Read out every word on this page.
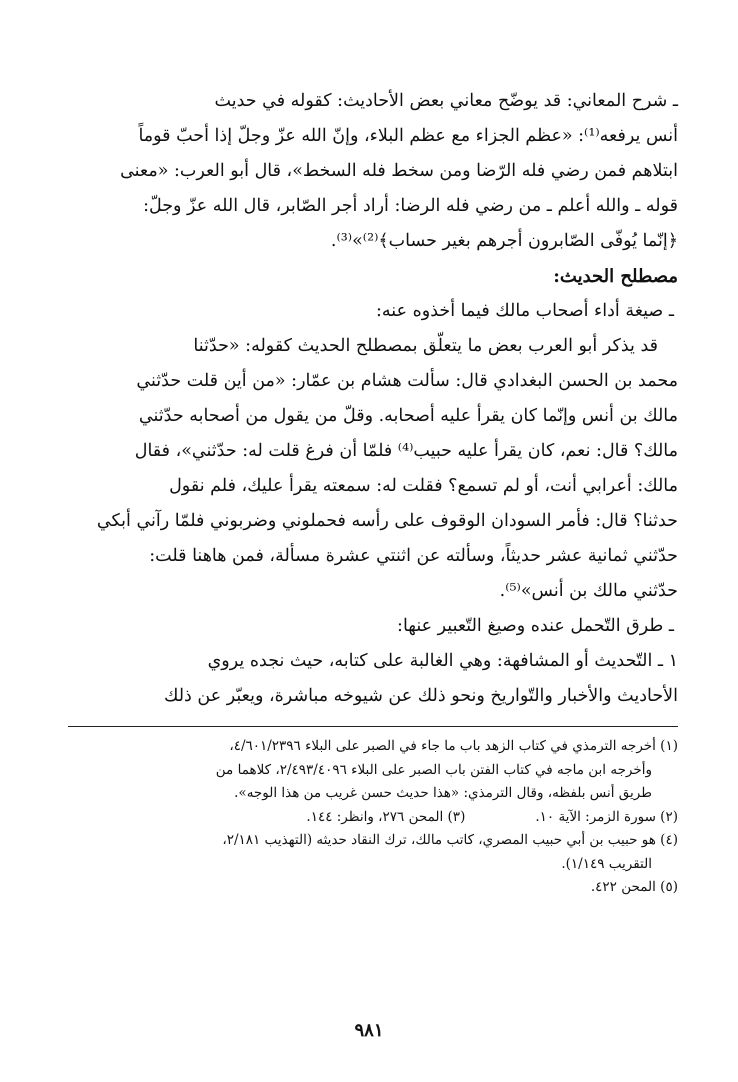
ـ شرح المعاني: قد يوضّح معاني بعض الأحاديث: كقوله في حديث

أنس يرفعه⁽¹⁾: «عظم الجزاء مع عظم البلاء، وإنّ الله عزّ وجلّ إذا أحبّ قوماً

ابتلاهم فمن رضي فله الرّضا ومن سخط فله السخط»، قال أبو العرب: «معنى

قوله ـ والله أعلم ـ من رضي فله الرضا: أراد أجر الصّابر، قال الله عزّ وجلّ:

﴿إنّما يُوفّى الصّابرون أجرهم بغير حساب﴾⁽²⁾»⁽³⁾.

مصطلح الحديث:

ـ صيغة أداء أصحاب مالك فيما أخذوه عنه:

قد يذكر أبو العرب بعض ما يتعلّق بمصطلح الحديث كقوله: «حدّثنا

محمد بن الحسن البغدادي قال: سألت هشام بن عمّار: «من أين قلت حدّثني

مالك بن أنس وإنّما كان يقرأ عليه أصحابه. وقلّ من يقول من أصحابه حدّثني

مالك؟ قال: نعم، كان يقرأ عليه حبيب⁽⁴⁾ فلمّا أن فرغ قلت له: حدّثني»، فقال

مالك: أعرابي أنت، أو لم تسمع؟ فقلت له: سمعته يقرأ عليك، فلم نقول

حدثنا؟ قال: فأمر السودان الوقوف على رأسه فحملوني وضربوني فلمّا رآني أبكي

حدّثني ثمانية عشر حديثاً، وسألته عن اثنتي عشرة مسألة، فمن هاهنا قلت:

حدّثني مالك بن أنس»⁽⁵⁾.

ـ طرق التّحمل عنده وصيغ التّعبير عنها:

١ ـ التّحديث أو المشافهة: وهي الغالبة على كتابه، حيث نجده يروي

الأحاديث والأخبار والتّواريخ ونحو ذلك عن شيوخه مباشرة، ويعبّر عن ذلك

(١) أخرجه الترمذي في كتاب الزهد باب ما جاء في الصبر على البلاء ٤/٦٠١/٢٣٩٦،

وأخرجه ابن ماجه في كتاب الفتن باب الصبر على البلاء ٢/٤٩٣/٤٠٩٦، كلاهما من

طريق أنس بلفظه، وقال الترمذي: «هذا حديث حسن غريب من هذا الوجه».

(٢) سورة الزمر: الآية ١٠.
(٣) المحن ٢٧٦، وانظر: ١٤٤.

(٤) هو حبيب بن أبي حبيب المصري، كاتب مالك، ترك النقاد حديثه (التهذيب ٢/١٨١،

التقريب ١/١٤٩).

(٥) المحن ٤٢٢.

٩٨١
